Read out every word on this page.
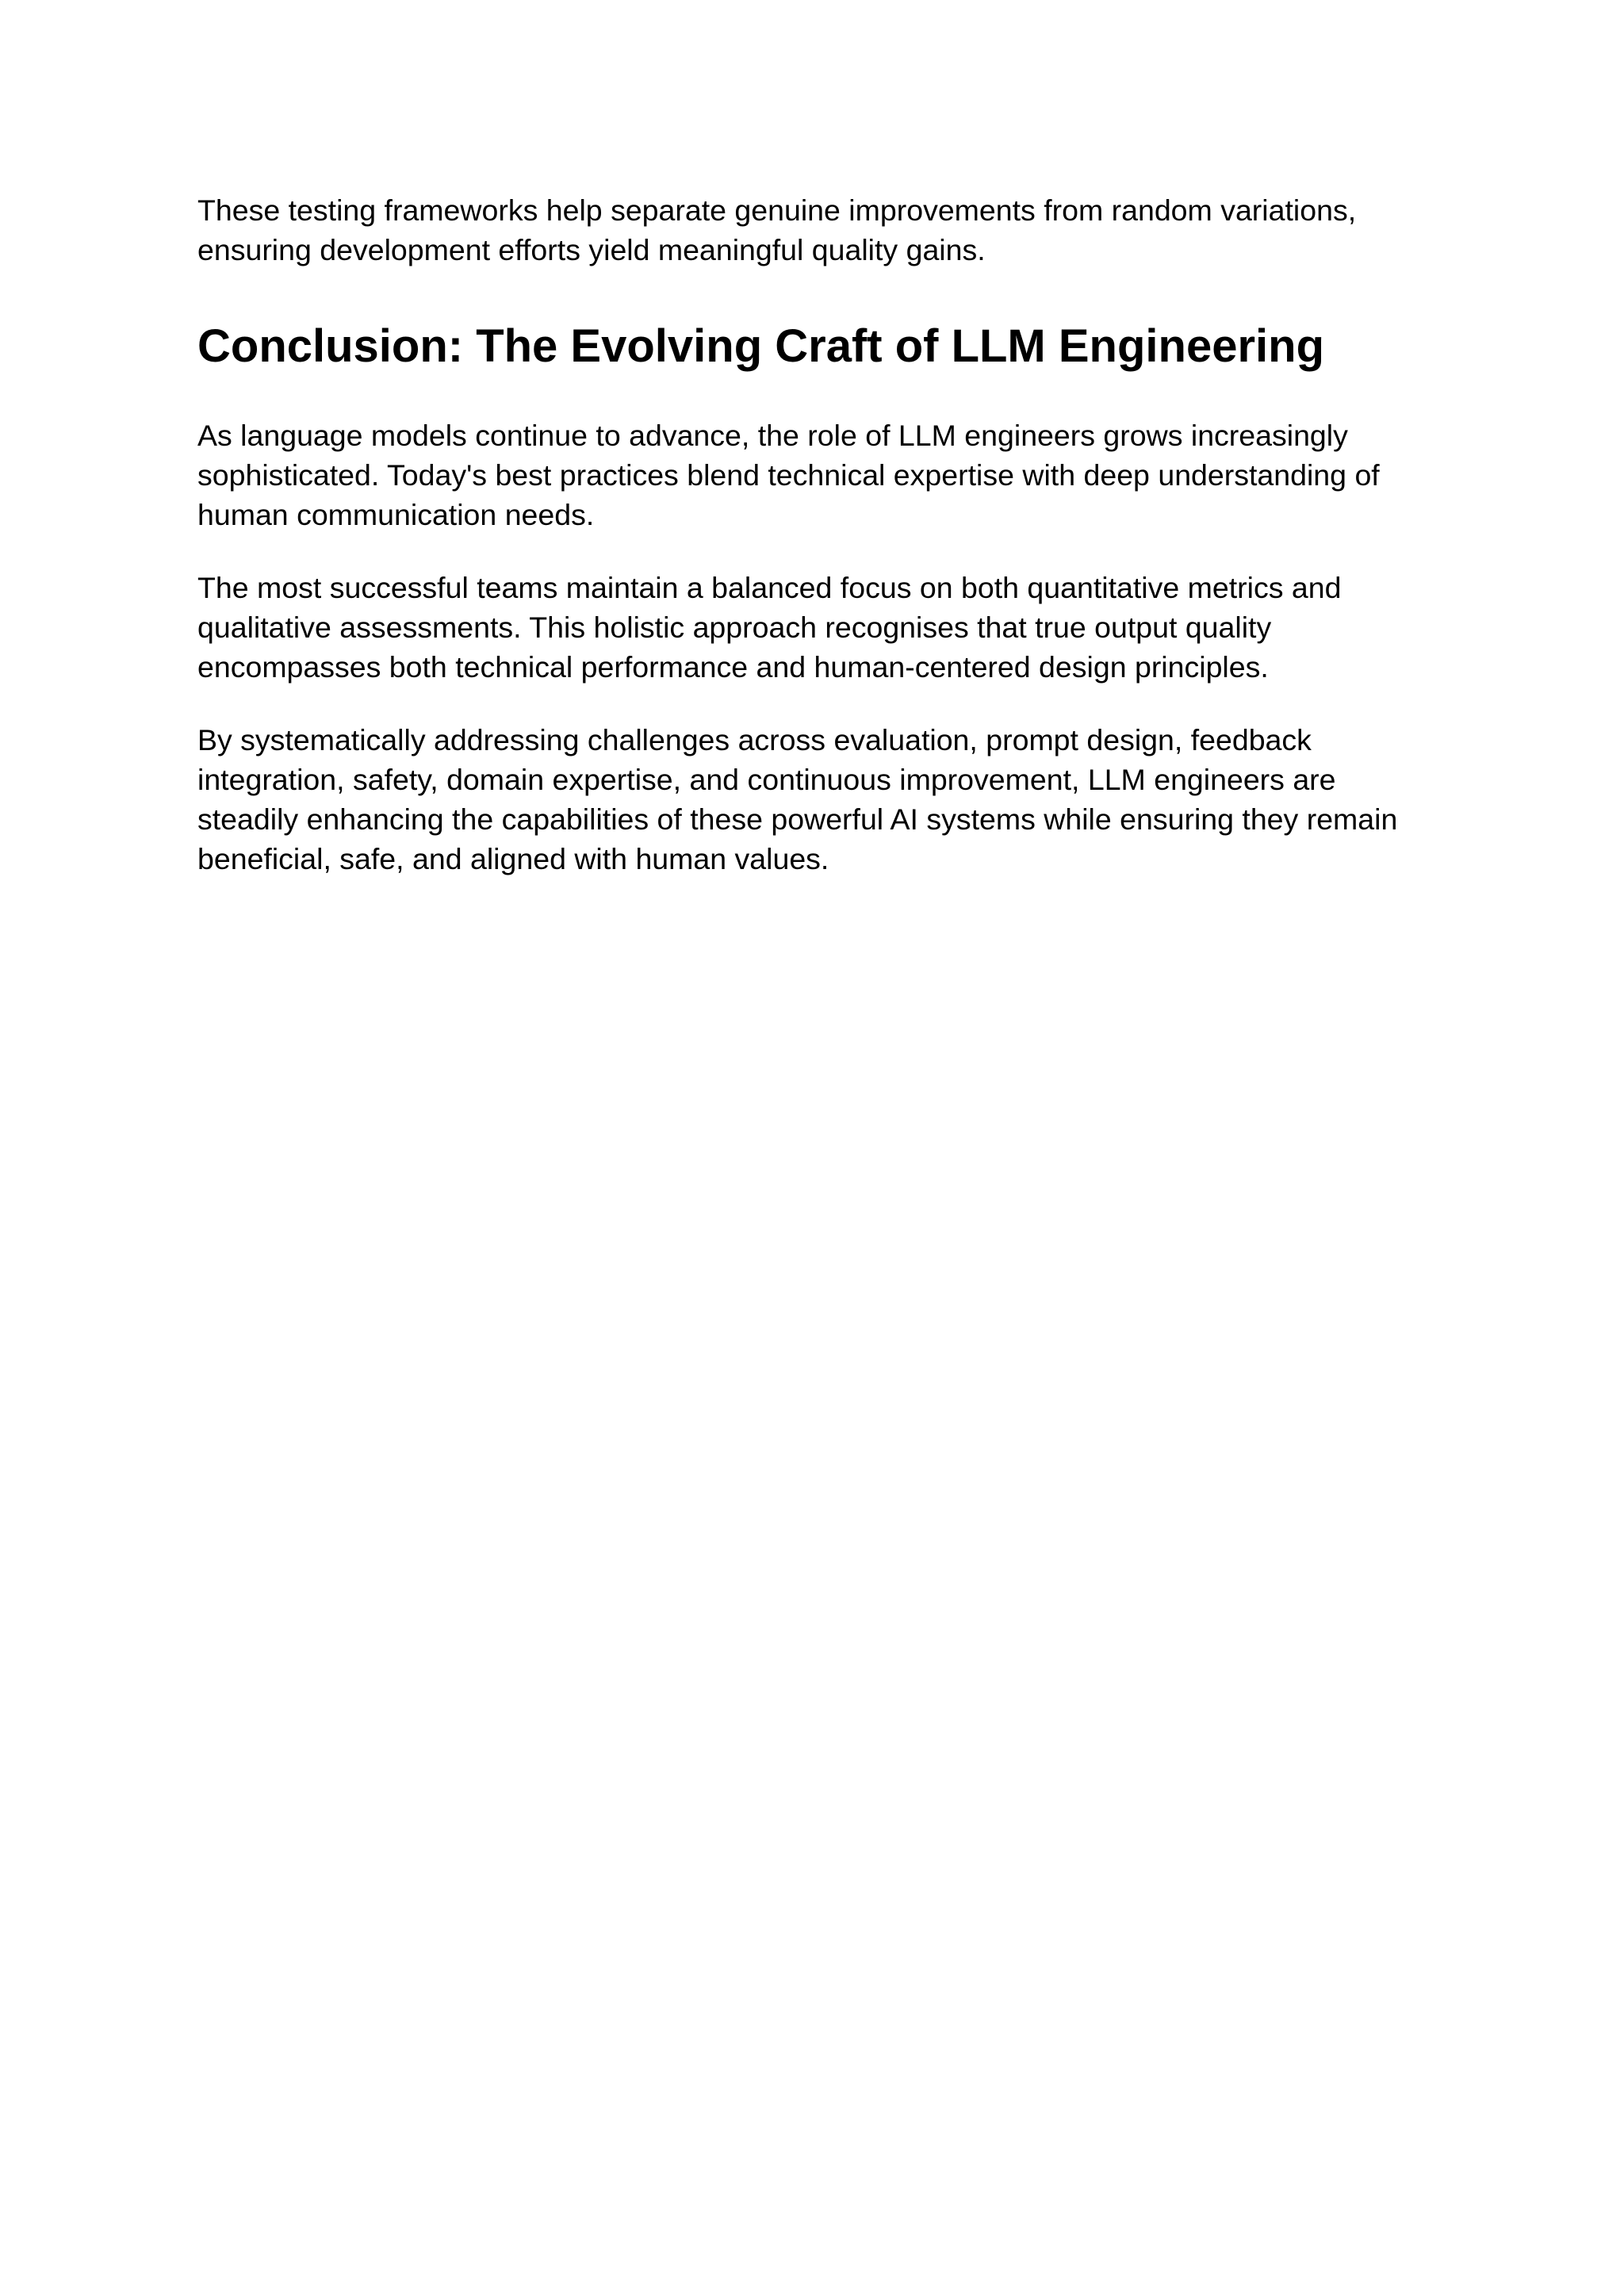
These testing frameworks help separate genuine improvements from random variations, ensuring development efforts yield meaningful quality gains.

Conclusion: The Evolving Craft of LLM Engineering

As language models continue to advance, the role of LLM engineers grows increasingly sophisticated. Today's best practices blend technical expertise with deep understanding of human communication needs.

The most successful teams maintain a balanced focus on both quantitative metrics and qualitative assessments. This holistic approach recognises that true output quality encompasses both technical performance and human-centered design principles.

By systematically addressing challenges across evaluation, prompt design, feedback integration, safety, domain expertise, and continuous improvement, LLM engineers are steadily enhancing the capabilities of these powerful AI systems while ensuring they remain beneficial, safe, and aligned with human values.
